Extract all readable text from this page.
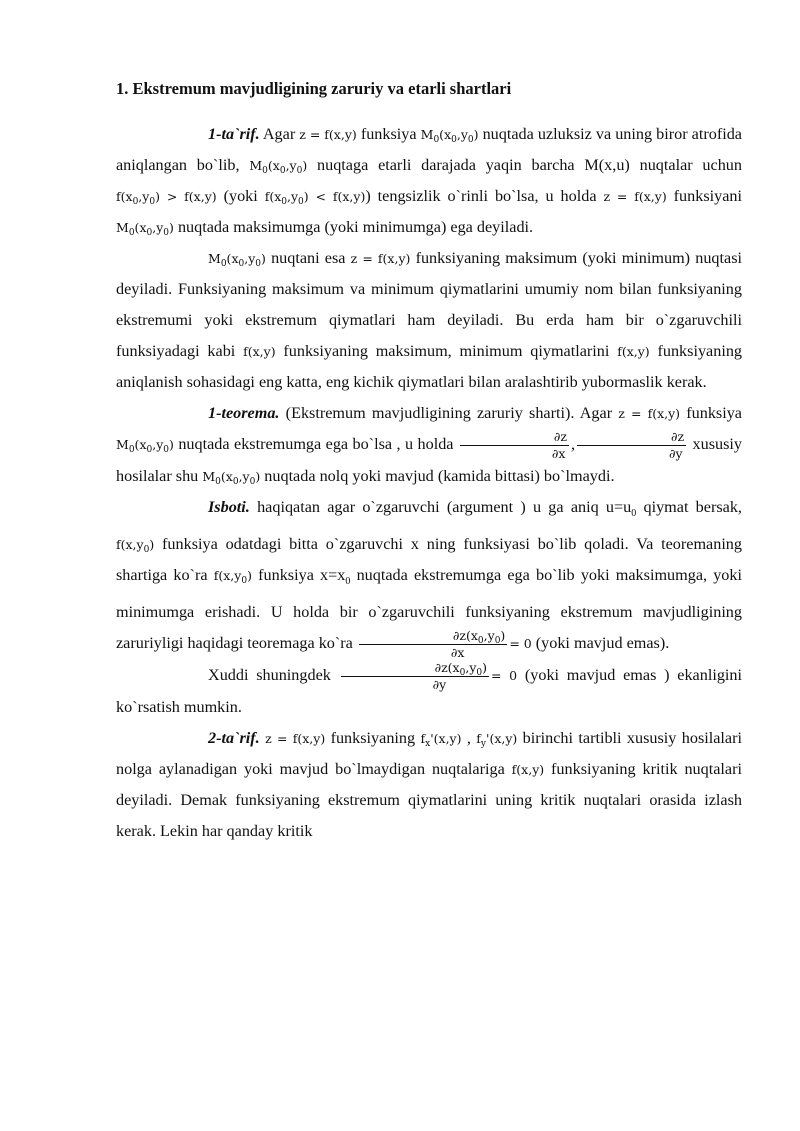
1. Ekstremum mavjudligining zaruriy va etarli shartlari

1-ta`rif. Agar z = f(x,y) funksiya $M_0(x_0,y_0)$ nuqtada uzluksiz va uning biror atrofida aniqlangan bo`lib, $M_0(x_0,y_0)$ nuqtaga etarli darajada yaqin barcha M(x,u) nuqtalar uchun $f(x_0,y_0) > f(x,y)$ (yoki $f(x_0,y_0) < f(x,y)$) tengsizlik o`rinli bo`lsa, u holda z = f(x,y) funksiyani $M_0(x_0,y_0)$ nuqtada maksimumga (yoki minimumga) ega deyiladi.

$M_0(x_0,y_0)$ nuqtani esa z = f(x,y) funksiyaning maksimum (yoki minimum) nuqtasi deyiladi. Funksiyaning maksimum va minimum qiymatlarini umumiy nom bilan funksiyaning ekstremumi yoki ekstremum qiymatlari ham deyiladi. Bu erda ham bir o`zgaruvchili funksiyadagi kabi f(x,y) funksiyaning maksimum, minimum qiymatlarini f(x,y) funksiyaning aniqlanish sohasidagi eng katta, eng kichik qiymatlari bilan aralashtirib yubormaslik kerak.

1-teorema. (Ekstremum mavjudligining zaruriy sharti). Agar z = f(x,y) funksiya $M_0(x_0,y_0)$ nuqtada ekstremumga ega bo`lsa , u holda $\frac{\partial z}{\partial x}$ , $\frac{\partial z}{\partial y}$ xususiy hosilalar shu $M_0(x_0,y_0)$ nuqtada nolq yoki mavjud (kamida bittasi) bo`lmaydi.

Isboti. haqiqatan agar o`zgaruvchi (argument ) u ga aniq $u=u_0$ qiymat bersak, $f(x,y_0)$ funksiya odatdagi bitta o`zgaruvchi x ning funksiyasi bo`lib qoladi. Va teoremaning shartiga ko`ra $f(x,y_0)$ funksiya $x=x_0$ nuqtada ekstremumga ega bo`lib yoki maksimumga, yoki minimumga erishadi. U holda bir o`zgaruvchili funksiyaning ekstremum mavjudligining zaruriyligi haqidagi teoremaga ko`ra $\frac{\partial z(x_0,y_0)}{\partial x} = 0$ (yoki mavjud emas).

Xuddi shuningdek $\frac{\partial z(x_0,y_0)}{\partial y} = 0$ (yoki mavjud emas ) ekanligini ko`rsatish mumkin.

2-ta`rif. z = f(x,y) funksiyaning $f_x'(x,y)$ , $f_y'(x,y)$ birinchi tartibli xususiy hosilalari nolga aylanadigan yoki mavjud bo`lmaydigan nuqtalariga f(x,y) funksiyaning kritik nuqtalari deyiladi. Demak funksiyaning ekstremum qiymatlarini uning kritik nuqtalari orasida izlash kerak. Lekin har qanday kritik
